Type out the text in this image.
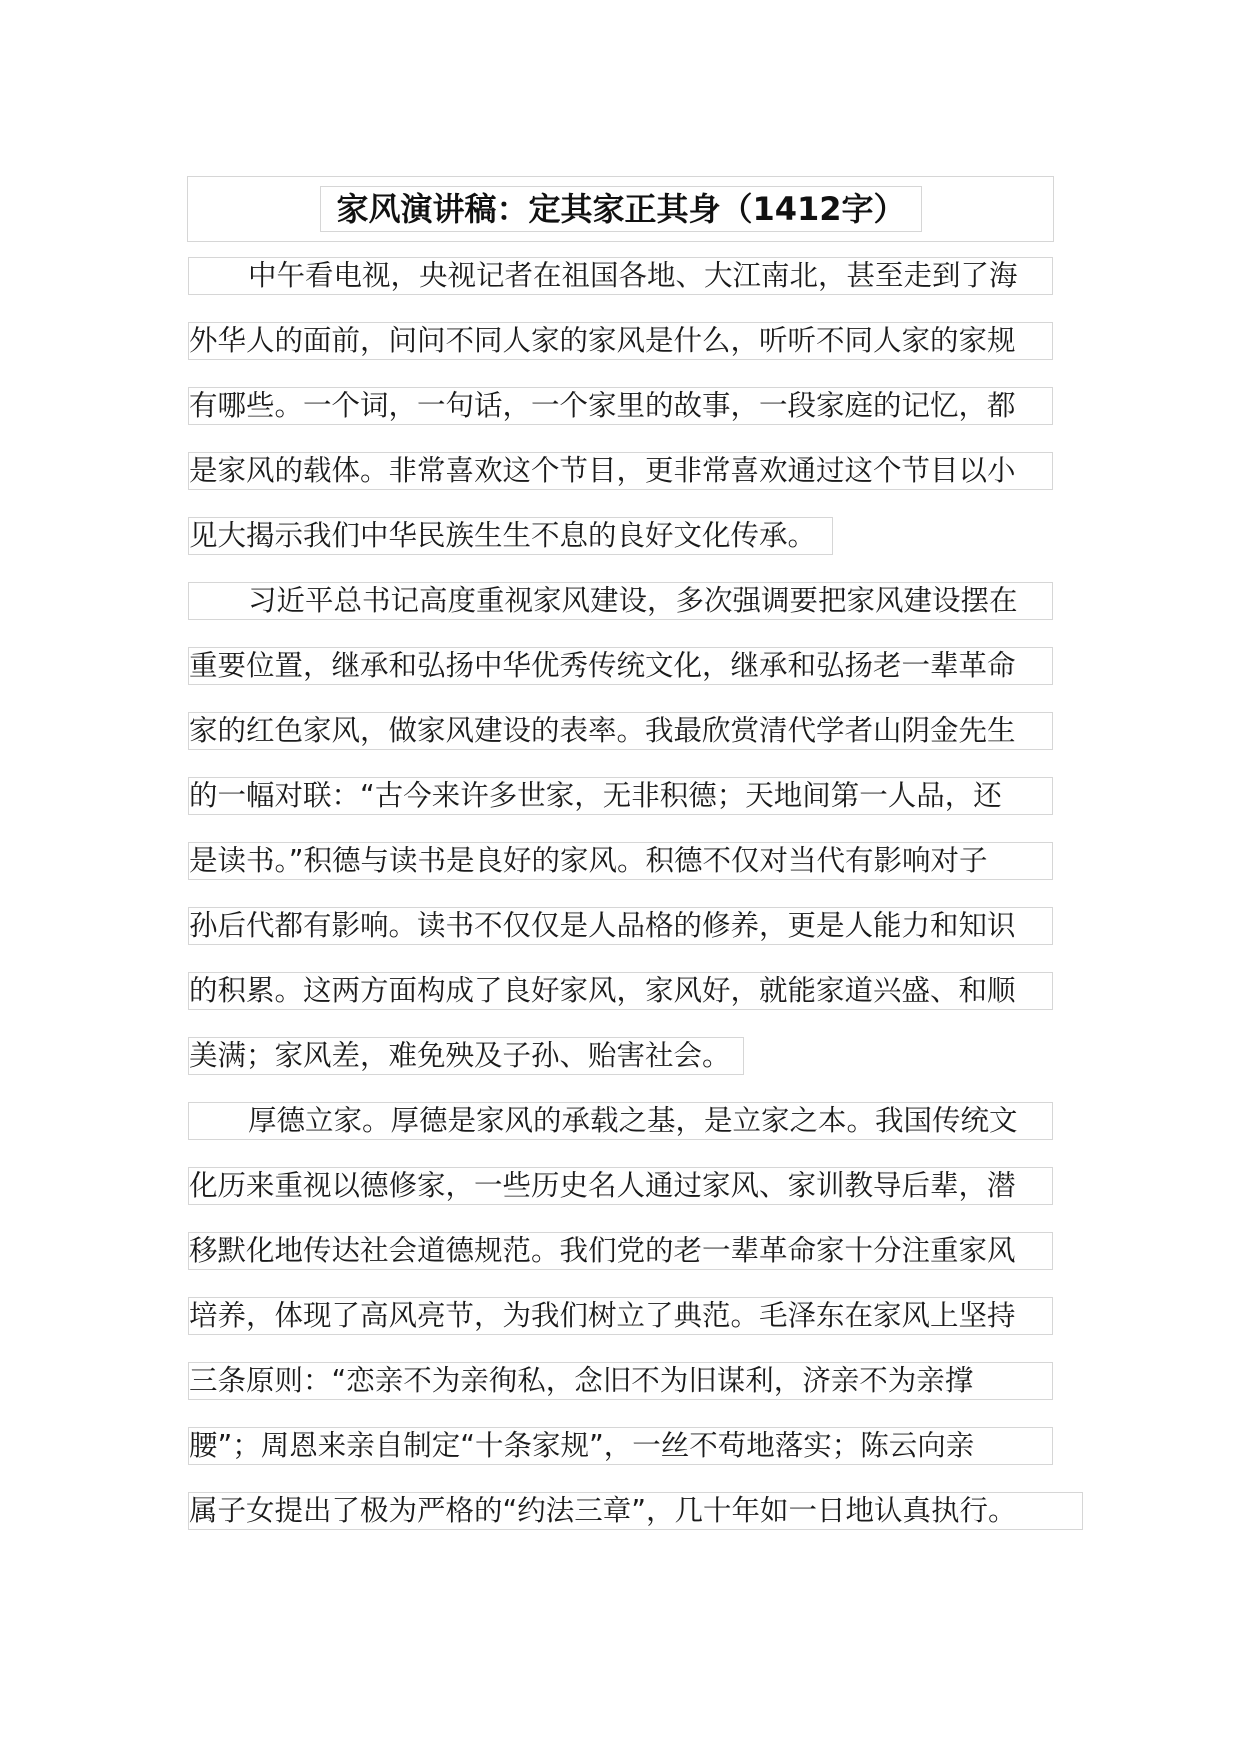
家风演讲稿：定其家正其身（1412字）

中午看电视，央视记者在祖国各地、大江南北，甚至走到了海

外华人的面前，问问不同人家的家风是什么，听听不同人家的家规

有哪些。一个词，一句话，一个家里的故事，一段家庭的记忆，都

是家风的载体。非常喜欢这个节目，更非常喜欢通过这个节目以小

见大揭示我们中华民族生生不息的良好文化传承。

习近平总书记高度重视家风建设，多次强调要把家风建设摆在

重要位置，继承和弘扬中华优秀传统文化，继承和弘扬老一辈革命

家的红色家风，做家风建设的表率。我最欣赏清代学者山阴金先生

的一幅对联：“古今来许多世家，无非积德；天地间第一人品，还

是读书。”积德与读书是良好的家风。积德不仅对当代有影响对子

孙后代都有影响。读书不仅仅是人品格的修养，更是人能力和知识

的积累。这两方面构成了良好家风，家风好，就能家道兴盛、和顺

美满；家风差，难免殃及子孙、贻害社会。

厚德立家。厚德是家风的承载之基，是立家之本。我国传统文

化历来重视以德修家，一些历史名人通过家风、家训教导后辈，潜

移默化地传达社会道德规范。我们党的老一辈革命家十分注重家风

培养，体现了高风亮节，为我们树立了典范。毛泽东在家风上坚持

三条原则：“恋亲不为亲徇私，念旧不为旧谋利，济亲不为亲撑

腰”；周恩来亲自制定“十条家规”，一丝不苟地落实；陈云向亲

属子女提出了极为严格的“约法三章”，几十年如一日地认真执行。
